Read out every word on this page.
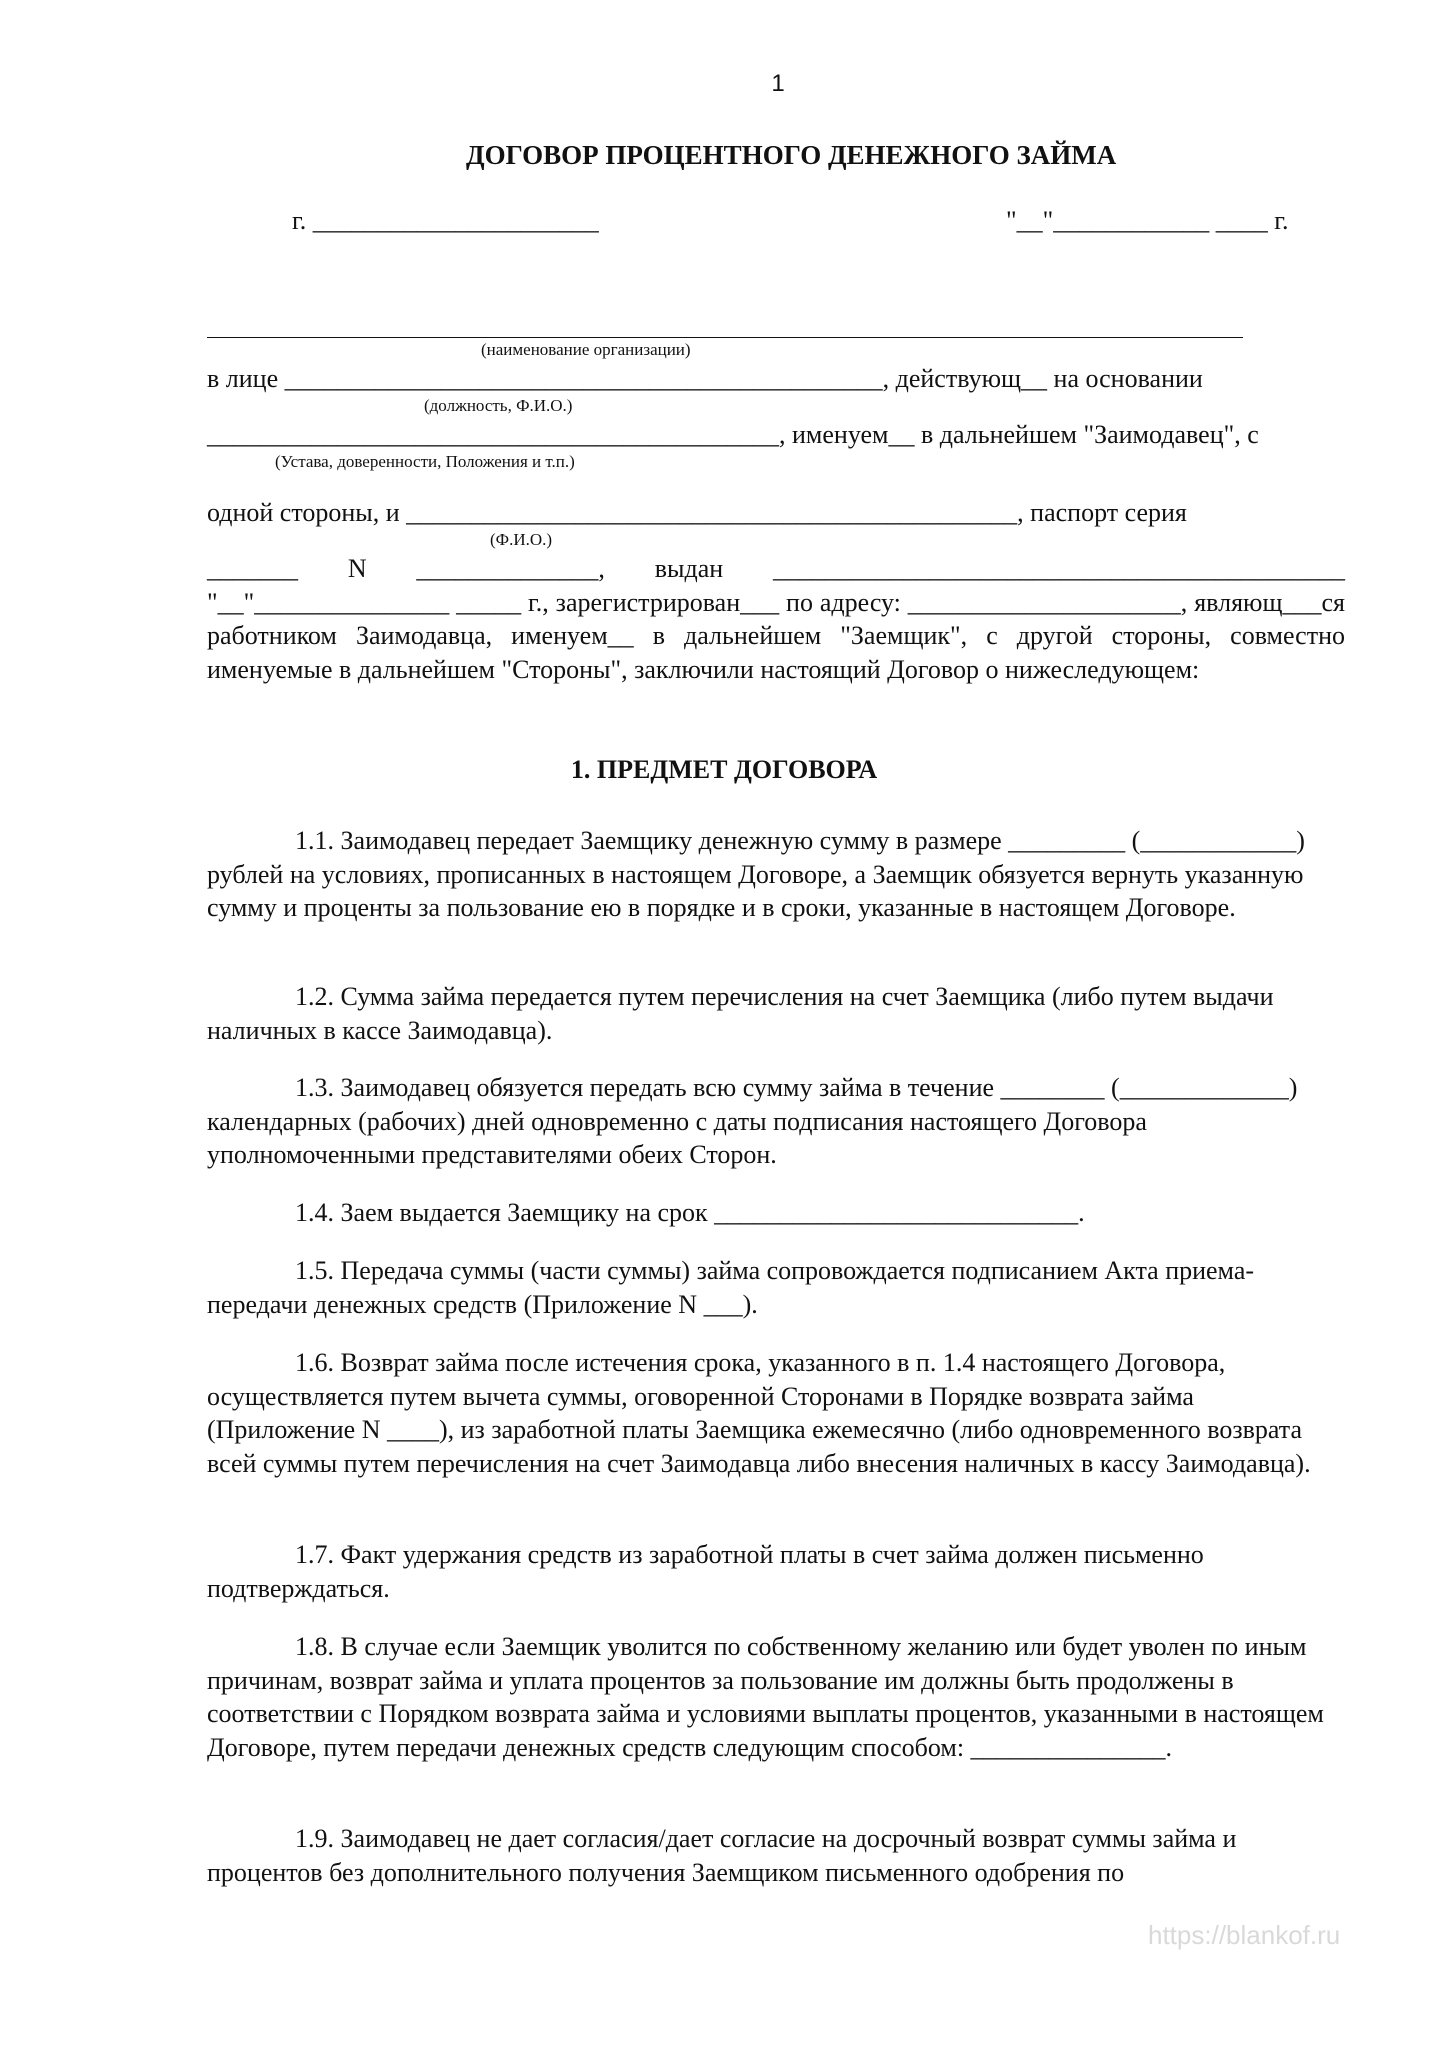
1
ДОГОВОР ПРОЦЕНТНОГО ДЕНЕЖНОГО ЗАЙМА
г. ______________________	"__"____________ ____ г.
(наименование организации)
в лице ______________________________________________, действующ__ на основании
(должность, Ф.И.О.)
____________________________________________, именуем__ в дальнейшем "Заимодавец", с
(Устава, доверенности, Положения и т.п.)
одной стороны, и _______________________________________________, паспорт серия
(Ф.И.О.)
_______ N ______________, выдан ____________________________________________ "__"_______________ _____ г., зарегистрирован___ по адресу: _____________________, являющ___ся работником Заимодавца, именуем__ в дальнейшем "Заемщик", с другой стороны, совместно именуемые в дальнейшем "Стороны", заключили настоящий Договор о нижеследующем:
1. ПРЕДМЕТ ДОГОВОРА
1.1. Заимодавец передает Заемщику денежную сумму в размере _________ (____________) рублей на условиях, прописанных в настоящем Договоре, а Заемщик обязуется вернуть указанную сумму и проценты за пользование ею в порядке и в сроки, указанные в настоящем Договоре.
1.2. Сумма займа передается путем перечисления на счет Заемщика (либо путем выдачи наличных в кассе Заимодавца).
1.3. Заимодавец обязуется передать всю сумму займа в течение ________ (_____________) календарных (рабочих) дней одновременно с даты подписания настоящего Договора уполномоченными представителями обеих Сторон.
1.4. Заем выдается Заемщику на срок ____________________________.
1.5. Передача суммы (части суммы) займа сопровождается подписанием Акта приема-передачи денежных средств (Приложение N ___).
1.6. Возврат займа после истечения срока, указанного в п. 1.4 настоящего Договора, осуществляется путем вычета суммы, оговоренной Сторонами в Порядке возврата займа (Приложение N ____), из заработной платы Заемщика ежемесячно (либо одновременного возврата всей суммы путем перечисления на счет Заимодавца либо внесения наличных в кассу Заимодавца).
1.7. Факт удержания средств из заработной платы в счет займа должен письменно подтверждаться.
1.8. В случае если Заемщик уволится по собственному желанию или будет уволен по иным причинам, возврат займа и уплата процентов за пользование им должны быть продолжены в соответствии с Порядком возврата займа и условиями выплаты процентов, указанными в настоящем Договоре, путем передачи денежных средств следующим способом: _______________.
1.9. Заимодавец не дает согласия/дает согласие на досрочный возврат суммы займа и процентов без дополнительного получения Заемщиком письменного одобрения по
https://blankof.ru
